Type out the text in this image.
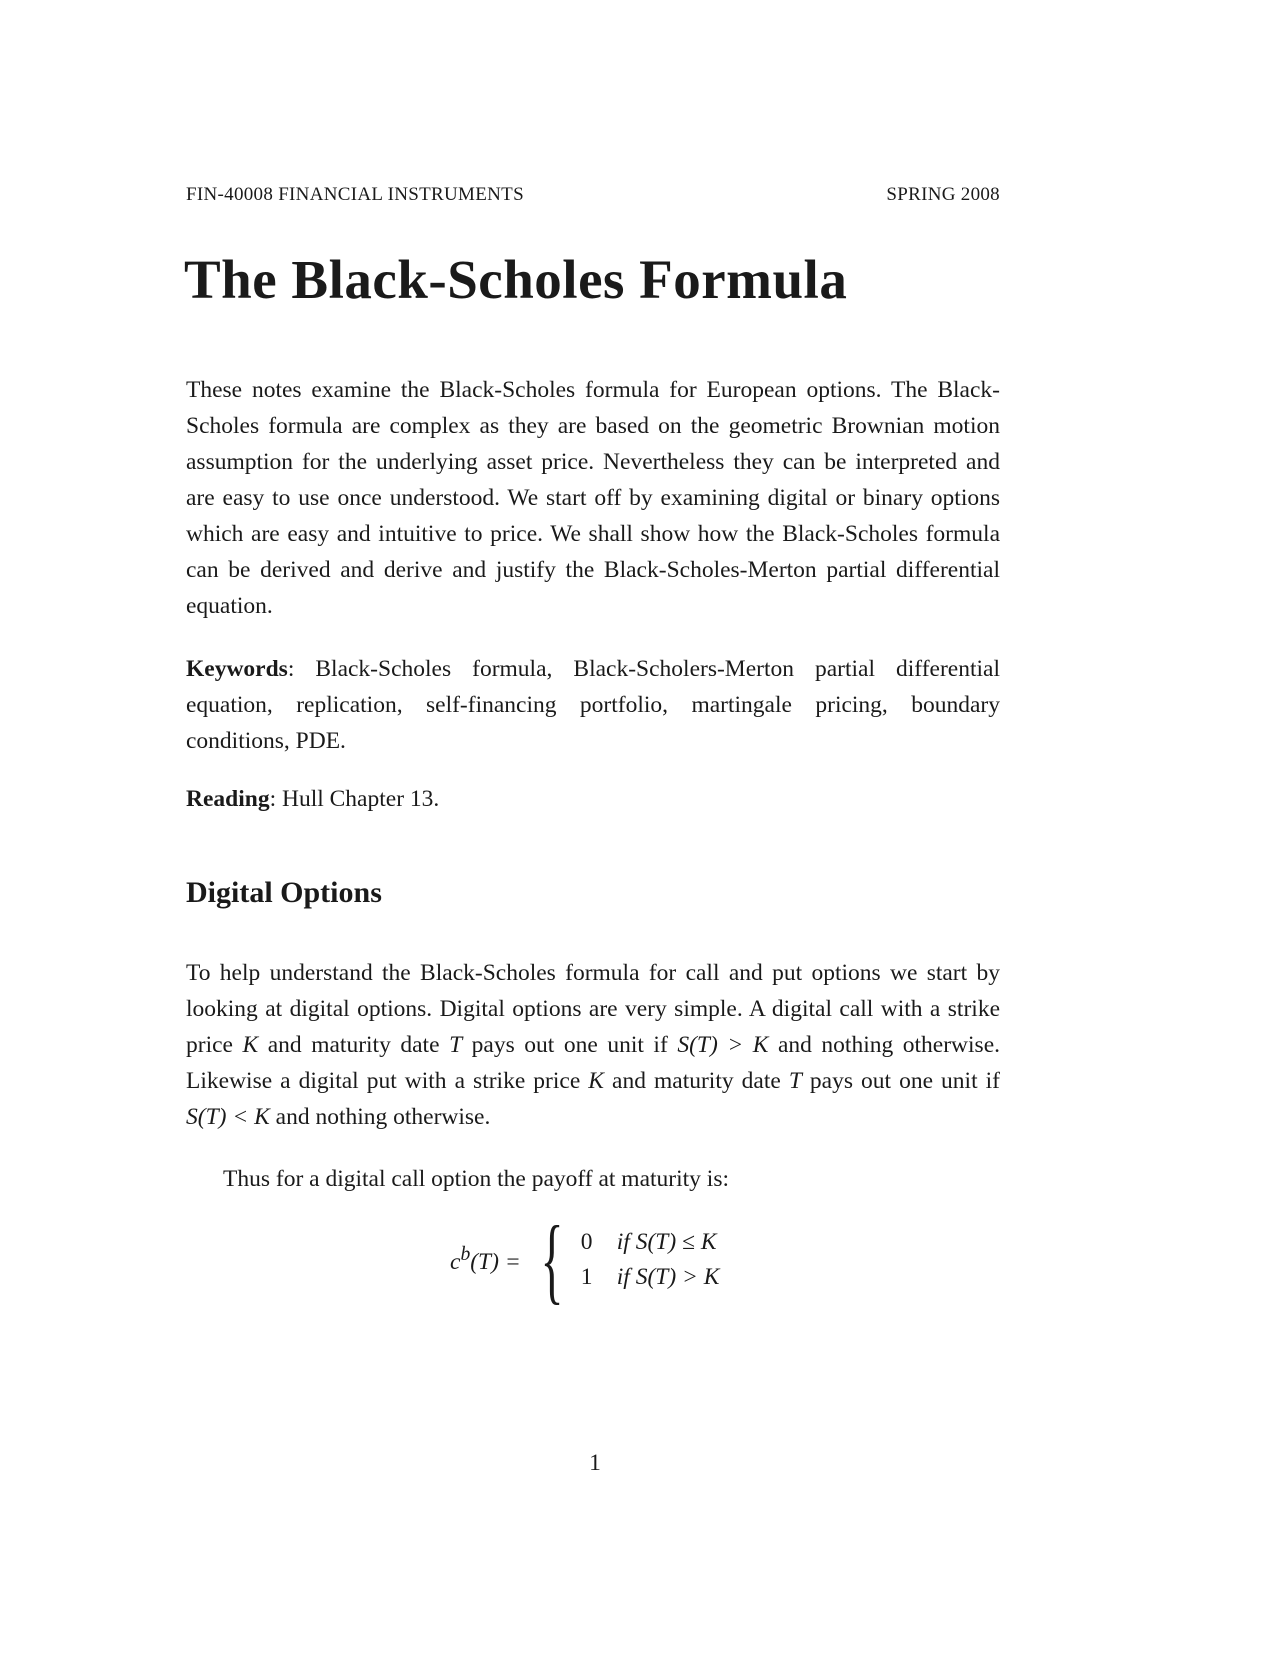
FIN-40008 FINANCIAL INSTRUMENTS	SPRING 2008
The Black-Scholes Formula

These notes examine the Black-Scholes formula for European options. The Black-Scholes formula are complex as they are based on the geometric Brownian motion assumption for the underlying asset price. Nevertheless they can be interpreted and are easy to use once understood. We start off by examining digital or binary options which are easy and intuitive to price. We shall show how the Black-Scholes formula can be derived and derive and justify the Black-Scholes-Merton partial differential equation.

Keywords: Black-Scholes formula, Black-Scholers-Merton partial differential equation, replication, self-financing portfolio, martingale pricing, boundary conditions, PDE.

Reading: Hull Chapter 13.

Digital Options

To help understand the Black-Scholes formula for call and put options we start by looking at digital options. Digital options are very simple. A digital call with a strike price K and maturity date T pays out one unit if S(T) > K and nothing otherwise. Likewise a digital put with a strike price K and maturity date T pays out one unit if S(T) < K and nothing otherwise.

Thus for a digital call option the payoff at maturity is:

$c^b(T)$ = { 0	if S(T) ≤ K
1	if S(T) > K
1
